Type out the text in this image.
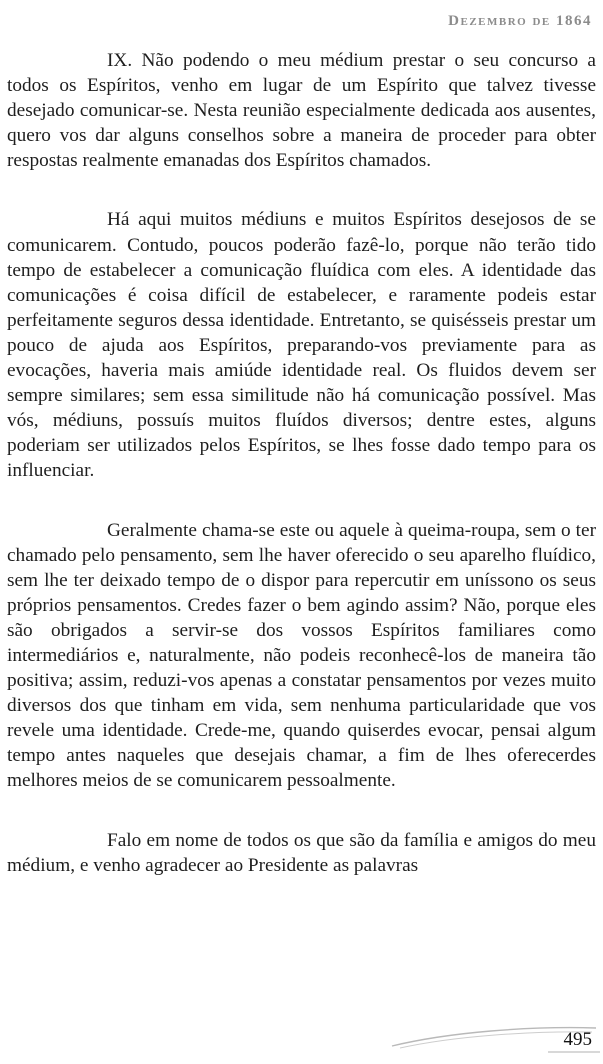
Dezembro de 1864

IX. Não podendo o meu médium prestar o seu concurso a todos os Espíritos, venho em lugar de um Espírito que talvez tivesse desejado comunicar-se. Nesta reunião especialmente dedicada aos ausentes, quero vos dar alguns conselhos sobre a maneira de proceder para obter respostas realmente emanadas dos Espíritos chamados.

Há aqui muitos médiuns e muitos Espíritos desejosos de se comunicarem. Contudo, poucos poderão fazê-lo, porque não terão tido tempo de estabelecer a comunicação fluídica com eles. A identidade das comunicações é coisa difícil de estabelecer, e raramente podeis estar perfeitamente seguros dessa identidade. Entretanto, se quisésseis prestar um pouco de ajuda aos Espíritos, preparando-vos previamente para as evocações, haveria mais amiúde identidade real. Os fluidos devem ser sempre similares; sem essa similitude não há comunicação possível. Mas vós, médiuns, possuís muitos fluídos diversos; dentre estes, alguns poderiam ser utilizados pelos Espíritos, se lhes fosse dado tempo para os influenciar.

Geralmente chama-se este ou aquele à queima-roupa, sem o ter chamado pelo pensamento, sem lhe haver oferecido o seu aparelho fluídico, sem lhe ter deixado tempo de o dispor para repercutir em uníssono os seus próprios pensamentos. Credes fazer o bem agindo assim? Não, porque eles são obrigados a servir-se dos vossos Espíritos familiares como intermediários e, naturalmente, não podeis reconhecê-los de maneira tão positiva; assim, reduzi-vos apenas a constatar pensamentos por vezes muito diversos dos que tinham em vida, sem nenhuma particularidade que vos revele uma identidade. Crede-me, quando quiserdes evocar, pensai algum tempo antes naqueles que desejais chamar, a fim de lhes oferecerdes melhores meios de se comunicarem pessoalmente.

Falo em nome de todos os que são da família e amigos do meu médium, e venho agradecer ao Presidente as palavras

495
